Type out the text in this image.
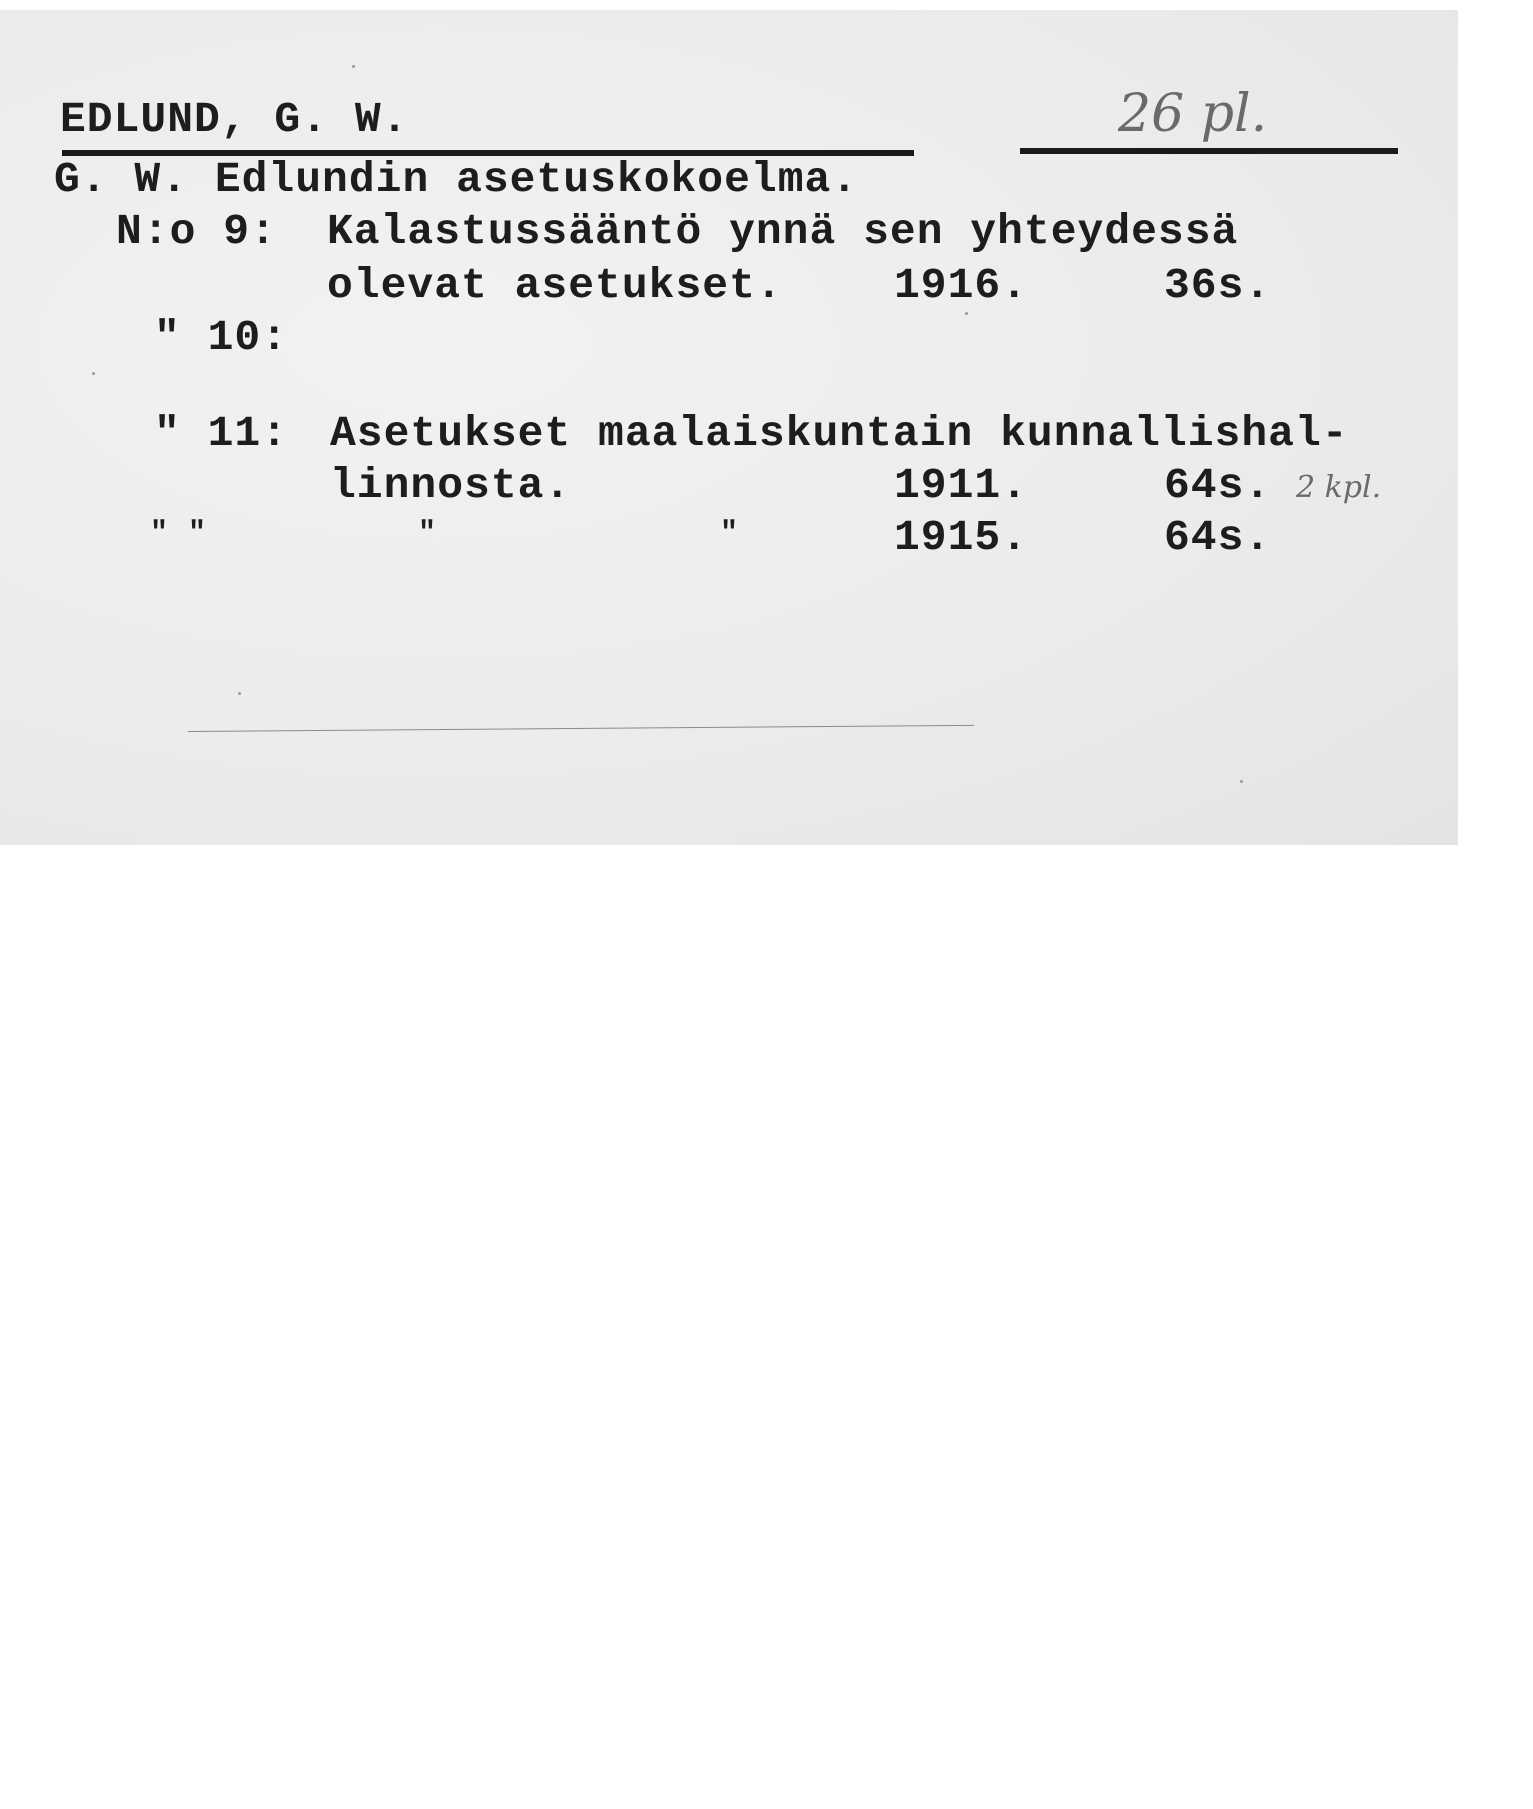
EDLUND, G. W.	26 pl.
G. W. Edlundin asetuskokoelma.
N:o 9: Kalastussääntö ynnä sen yhteydessä
olevat asetukset.	1916.	36s.
" 10:
" 11: Asetukset maalaiskuntain kunnallishal-
linnosta.	1911.	64s. 2 kpl.
" "	"	"	1915.	64s.
